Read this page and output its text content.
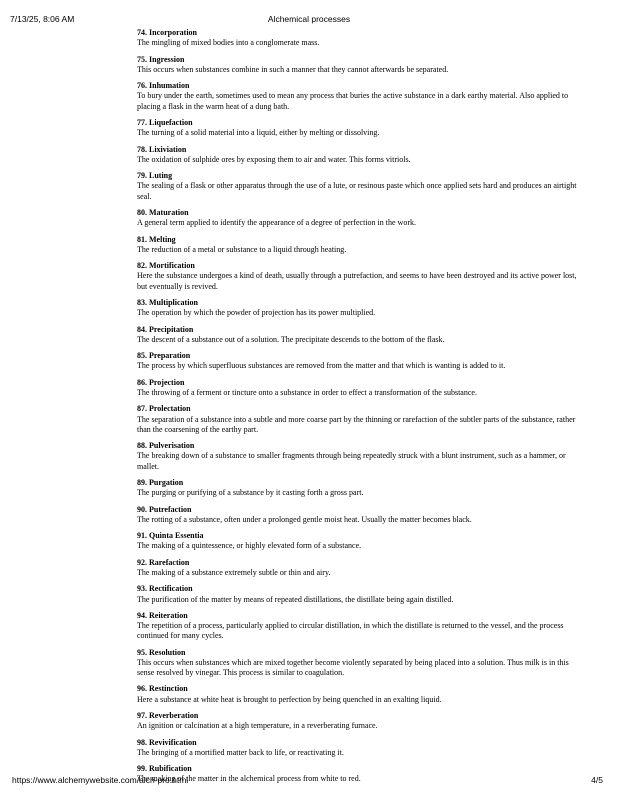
7/13/25, 8:06 AM	Alchemical processes
74. Incorporation
The mingling of mixed bodies into a conglomerate mass.
75. Ingression
This occurs when substances combine in such a manner that they cannot afterwards be separated.
76. Inhumation
To bury under the earth, sometimes used to mean any process that buries the active substance in a dark earthy material. Also applied to placing a flask in the warm heat of a dung bath.
77. Liquefaction
The turning of a solid material into a liquid, either by melting or dissolving.
78. Lixiviation
The oxidation of sulphide ores by exposing them to air and water. This forms vitriols.
79. Luting
The sealing of a flask or other apparatus through the use of a lute, or resinous paste which once applied sets hard and produces an airtight seal.
80. Maturation
A general term applied to identify the appearance of a degree of perfection in the work.
81. Melting
The reduction of a metal or substance to a liquid through heating.
82. Mortification
Here the substance undergoes a kind of death, usually through a putrefaction, and seems to have been destroyed and its active power lost, but eventually is revived.
83. Multiplication
The operation by which the powder of projection has its power multiplied.
84. Precipitation
The descent of a substance out of a solution. The precipitate descends to the bottom of the flask.
85. Preparation
The process by which superfluous substances are removed from the matter and that which is wanting is added to it.
86. Projection
The throwing of a ferment or tincture onto a substance in order to effect a transformation of the substance.
87. Prolectation
The separation of a substance into a subtle and more coarse part by the thinning or rarefaction of the subtler parts of the substance, rather than the coarsening of the earthy part.
88. Pulverisation
The breaking down of a substance to smaller fragments through being repeatedly struck with a blunt instrument, such as a hammer, or mallet.
89. Purgation
The purging or purifying of a substance by it casting forth a gross part.
90. Putrefaction
The rotting of a substance, often under a prolonged gentle moist heat. Usually the matter becomes black.
91. Quinta Essentia
The making of a quintessence, or highly elevated form of a substance.
92. Rarefaction
The making of a substance extremely subtle or thin and airy.
93. Rectification
The purification of the matter by means of repeated distillations, the distillate being again distilled.
94. Reiteration
The repetition of a process, particularly applied to circular distillation, in which the distillate is returned to the vessel, and the process continued for many cycles.
95. Resolution
This occurs when substances which are mixed together become violently separated by being placed into a solution. Thus milk is in this sense resolved by vinegar. This process is similar to coagulation.
96. Restinction
Here a substance at white heat is brought to perfection by being quenched in an exalting liquid.
97. Reverberation
An ignition or calcination at a high temperature, in a reverberating furnace.
98. Revivification
The bringing of a mortified matter back to life, or reactivating it.
99. Rubification
The making of the matter in the alchemical process from white to red.
https://www.alchemywebsite.com/alch-pro.html	4/5
